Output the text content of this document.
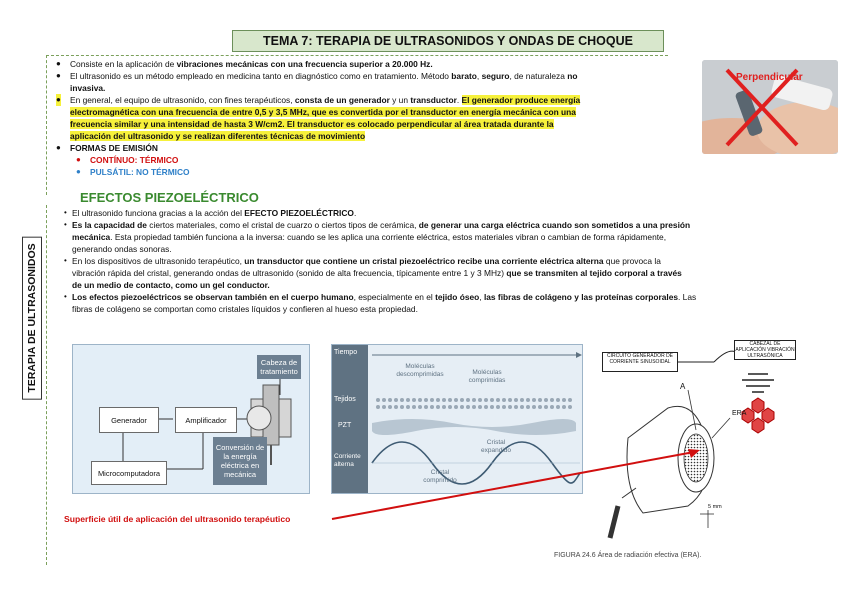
TEMA 7: TERAPIA DE ULTRASONIDOS Y ONDAS DE CHOQUE
TERAPIA DE ULTRASONIDOS
Perpendicular
● Consiste en la aplicación de vibraciones mecánicas con una frecuencia superior a 20.000 Hz.
● El ultrasonido es un método empleado en medicina tanto en diagnóstico como en tratamiento. Método barato, seguro, de naturaleza no
invasiva.
● En general, el equipo de ultrasonido, con fines terapéuticos, consta de un generador y un transductor. El generador produce energía
electromagnética con una frecuencia de entre 0,5 y 3,5 MHz, que es convertida por el transductor en energía mecánica con una
frecuencia similar y una intensidad de hasta 3 W/cm2. El transductor es colocado perpendicular al área tratada durante la
aplicación del ultrasonido y se realizan diferentes técnicas de movimiento
● FORMAS DE EMISIÓN
● CONTÍNUO: TÉRMICO
● PULSÁTIL: NO TÉRMICO
EFECTOS PIEZOELÉCTRICO
• El ultrasonido funciona gracias a la acción del EFECTO PIEZOELÉCTRICO.
• Es la capacidad de ciertos materiales, como el cristal de cuarzo o ciertos tipos de cerámica, de generar una carga eléctrica cuando son sometidos a una presión
mecánica. Esta propiedad también funciona a la inversa: cuando se les aplica una corriente eléctrica, estos materiales vibran o cambian de forma rápidamente,
generando ondas sonoras.
• En los dispositivos de ultrasonido terapéutico, un transductor que contiene un cristal piezoeléctrico recibe una corriente eléctrica alterna que provoca la
vibración rápida del cristal, generando ondas de ultrasonido (sonido de alta frecuencia, típicamente entre 1 y 3 MHz) que se transmiten al tejido corporal a través
de un medio de contacto, como un gel conductor.
• Los efectos piezoeléctricos se observan también en el cuerpo humano, especialmente en el tejido óseo, las fibras de colágeno y las proteínas corporales. Las
fibras de colágeno se comportan como cristales líquidos y confieren al hueso esta propiedad.
Generador	Amplificador
Microcomputadora
Cabeza de tratamiento
Conversión de la energía eléctrica en mecánica
Tiempo
Tejidos
PZT
Corriente alterna
Moléculas descomprimidas	Moléculas comprimidas
Cristal expandido
Cristal comprimido
CIRCUITO GENERADOR DE CORRIENTE SINUSOIDAL
CABEZAL DE APLICACIÓN VIBRACIÓN ULTRASÓNICA
A
ERA
5 mm
FIGURA 24.6 Área de radiación efectiva (ERA).
Superficie útil de aplicación del ultrasonido terapéutico
